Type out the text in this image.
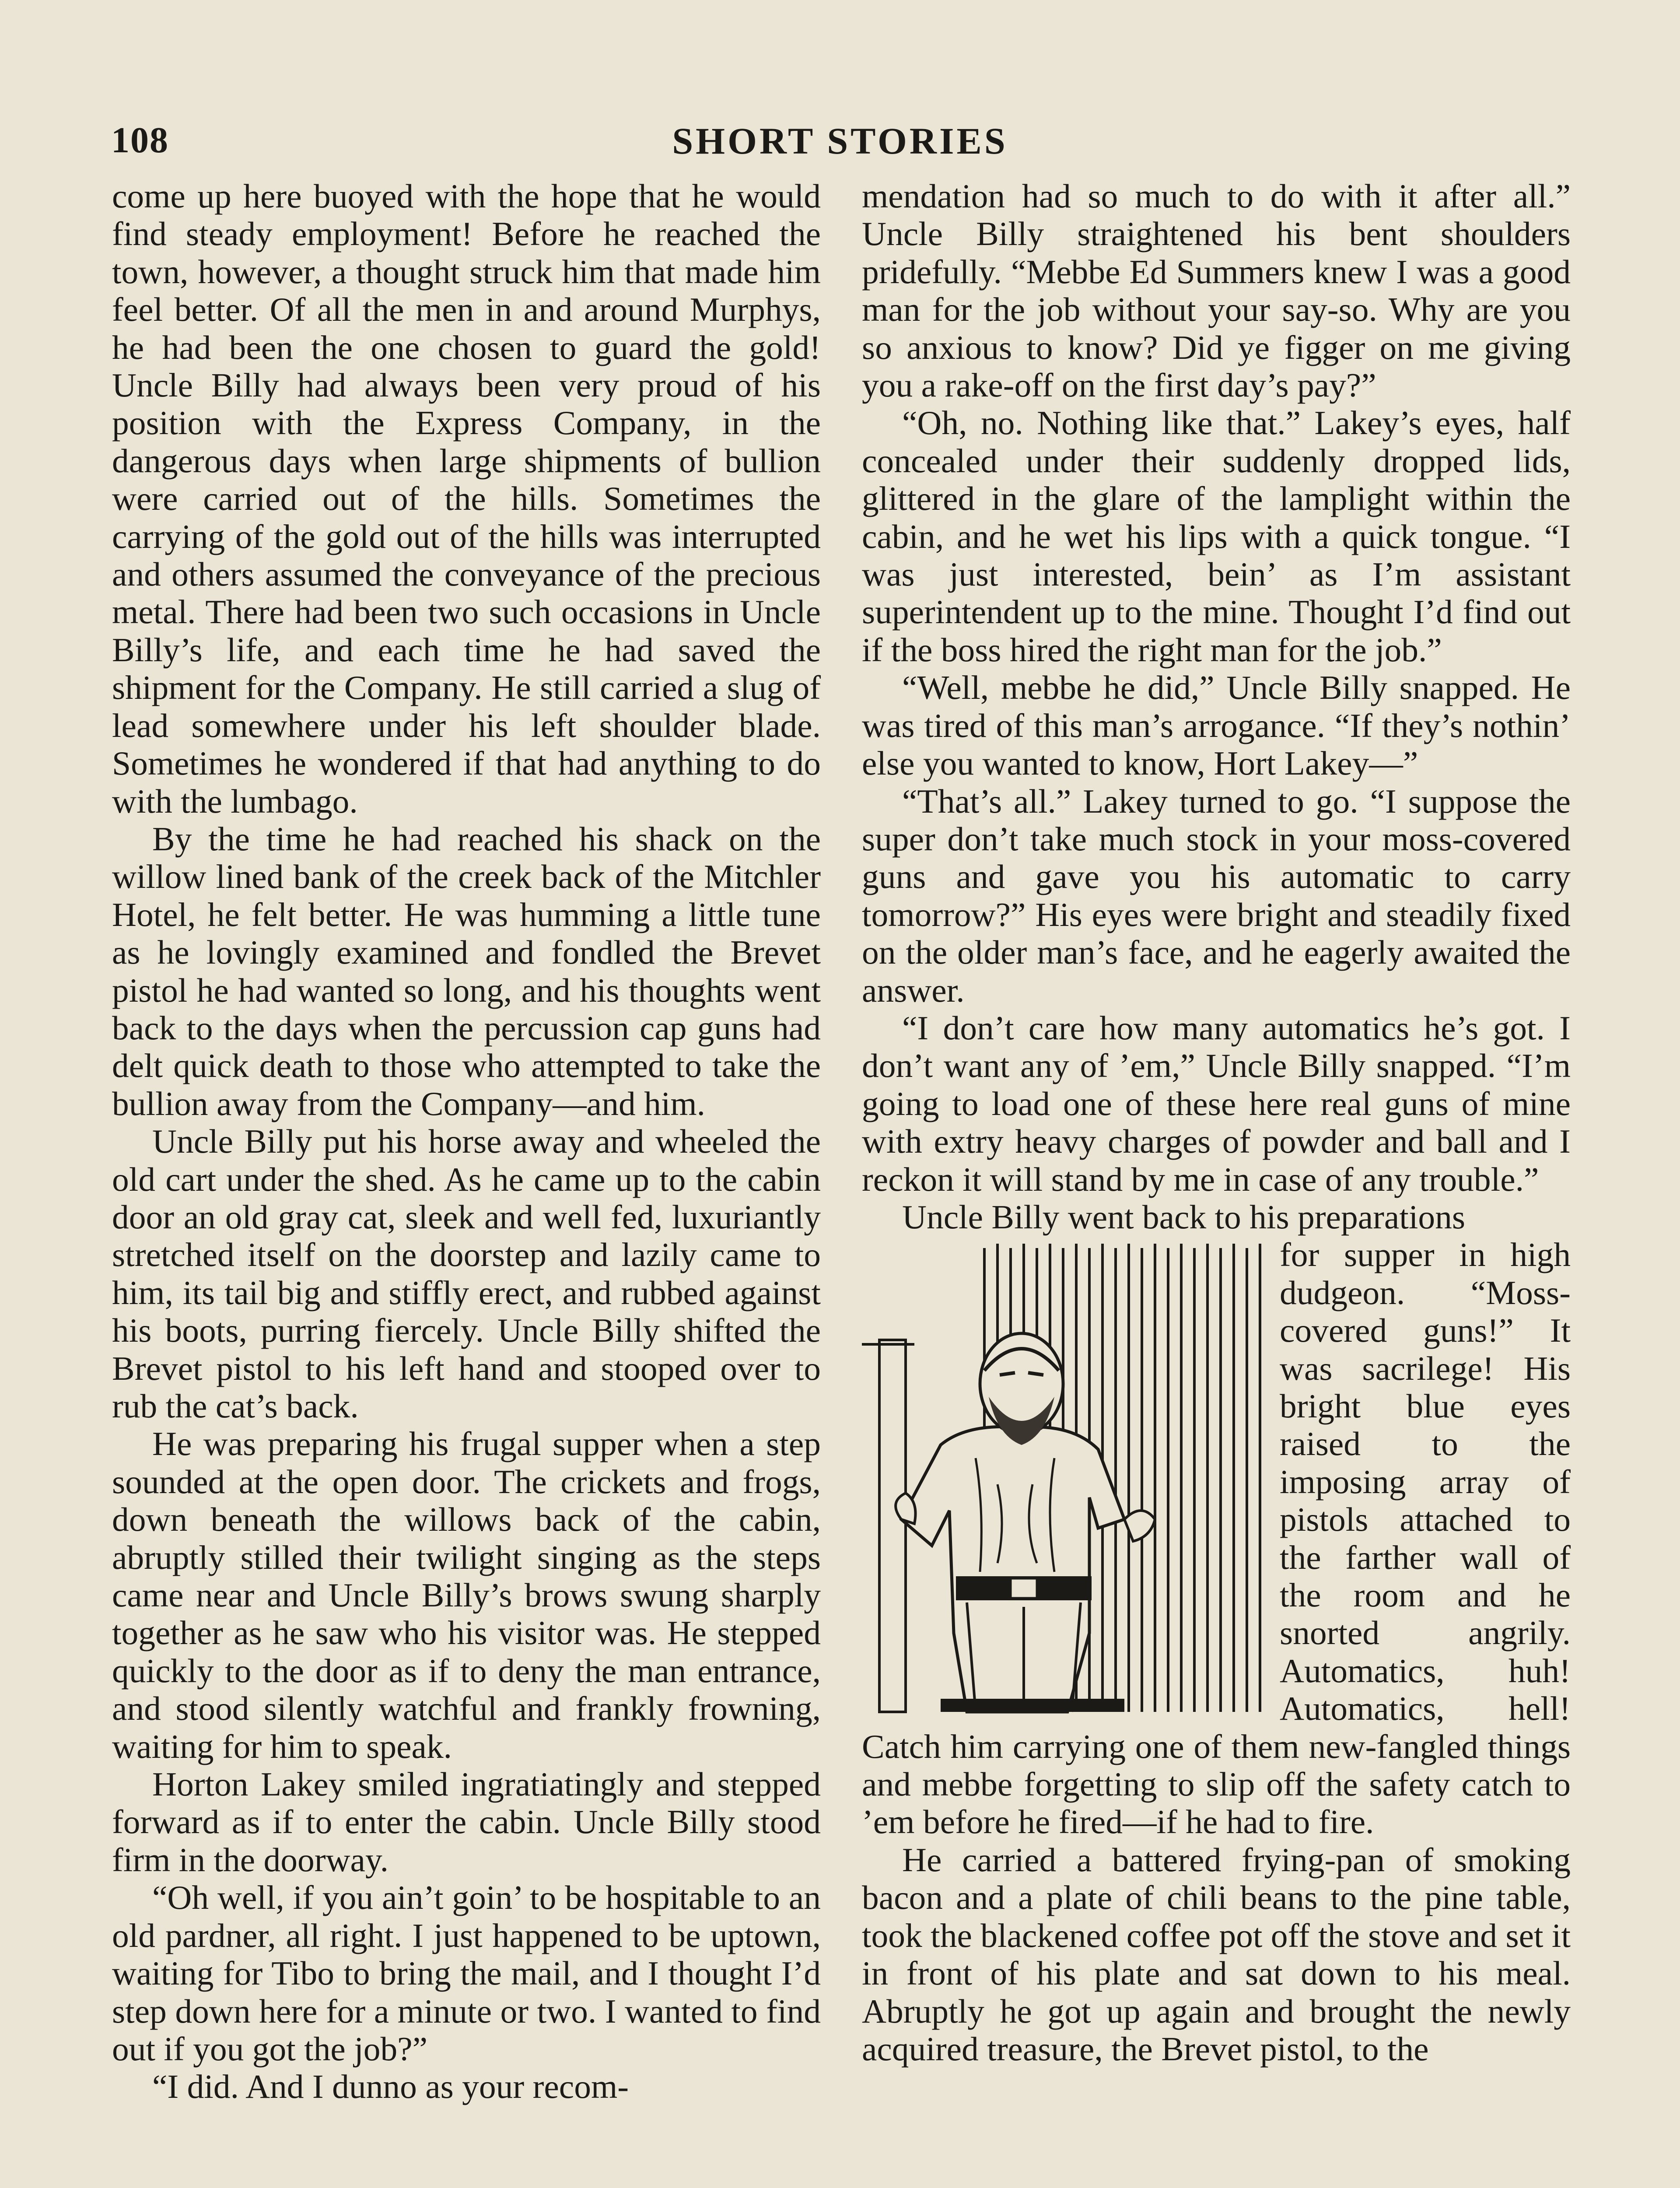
108	SHORT STORIES

come up here buoyed with the hope that he would find steady employment! Before he reached the town, however, a thought struck him that made him feel better. Of all the men in and around Murphys, he had been the one chosen to guard the gold! Uncle Billy had always been very proud of his position with the Express Company, in the dangerous days when large shipments of bullion were carried out of the hills. Sometimes the carrying of the gold out of the hills was interrupted and others assumed the conveyance of the precious metal. There had been two such occasions in Uncle Billy’s life, and each time he had saved the shipment for the Company. He still carried a slug of lead somewhere under his left shoulder blade. Sometimes he wondered if that had anything to do with the lumbago.

By the time he had reached his shack on the willow lined bank of the creek back of the Mitchler Hotel, he felt better. He was humming a little tune as he lovingly examined and fondled the Brevet pistol he had wanted so long, and his thoughts went back to the days when the percussion cap guns had delt quick death to those who attempted to take the bullion away from the Company—and him.

Uncle Billy put his horse away and wheeled the old cart under the shed. As he came up to the cabin door an old gray cat, sleek and well fed, luxuriantly stretched itself on the doorstep and lazily came to him, its tail big and stiffly erect, and rubbed against his boots, purring fiercely. Uncle Billy shifted the Brevet pistol to his left hand and stooped over to rub the cat’s back.

He was preparing his frugal supper when a step sounded at the open door. The crickets and frogs, down beneath the willows back of the cabin, abruptly stilled their twilight singing as the steps came near and Uncle Billy’s brows swung sharply together as he saw who his visitor was. He stepped quickly to the door as if to deny the man entrance, and stood silently watchful and frankly frowning, waiting for him to speak.

Horton Lakey smiled ingratiatingly and stepped forward as if to enter the cabin. Uncle Billy stood firm in the doorway.

“Oh well, if you ain’t goin’ to be hospitable to an old pardner, all right. I just happened to be uptown, waiting for Tibo to bring the mail, and I thought I’d step down here for a minute or two. I wanted to find out if you got the job?”

“I did. And I dunno as your recom-

mendation had so much to do with it after all.” Uncle Billy straightened his bent shoulders pridefully. “Mebbe Ed Summers knew I was a good man for the job without your say-so. Why are you so anxious to know? Did ye figger on me giving you a rake-off on the first day’s pay?”

“Oh, no. Nothing like that.” Lakey’s eyes, half concealed under their suddenly dropped lids, glittered in the glare of the lamplight within the cabin, and he wet his lips with a quick tongue. “I was just interested, bein’ as I’m assistant superintendent up to the mine. Thought I’d find out if the boss hired the right man for the job.”

“Well, mebbe he did,” Uncle Billy snapped. He was tired of this man’s arrogance. “If they’s nothin’ else you wanted to know, Hort Lakey—”

“That’s all.” Lakey turned to go. “I suppose the super don’t take much stock in your moss-covered guns and gave you his automatic to carry tomorrow?” His eyes were bright and steadily fixed on the older man’s face, and he eagerly awaited the answer.

“I don’t care how many automatics he’s got. I don’t want any of ’em,” Uncle Billy snapped. “I’m going to load one of these here real guns of mine with extry heavy charges of powder and ball and I reckon it will stand by me in case of any trouble.”

Uncle Billy went back to his preparations

for supper in high dudgeon. “Moss-covered guns!” It was sacrilege! His bright blue eyes raised to the imposing array of pistols attached to the farther wall of the room and he snorted angrily. Automatics, huh! Automatics, hell! Catch him carrying one of them new-fangled things and mebbe forgetting to slip off the safety catch to ’em before he fired—if he had to fire.

He carried a battered frying-pan of smoking bacon and a plate of chili beans to the pine table, took the blackened coffee pot off the stove and set it in front of his plate and sat down to his meal. Abruptly he got up again and brought the newly acquired treasure, the Brevet pistol, to the
